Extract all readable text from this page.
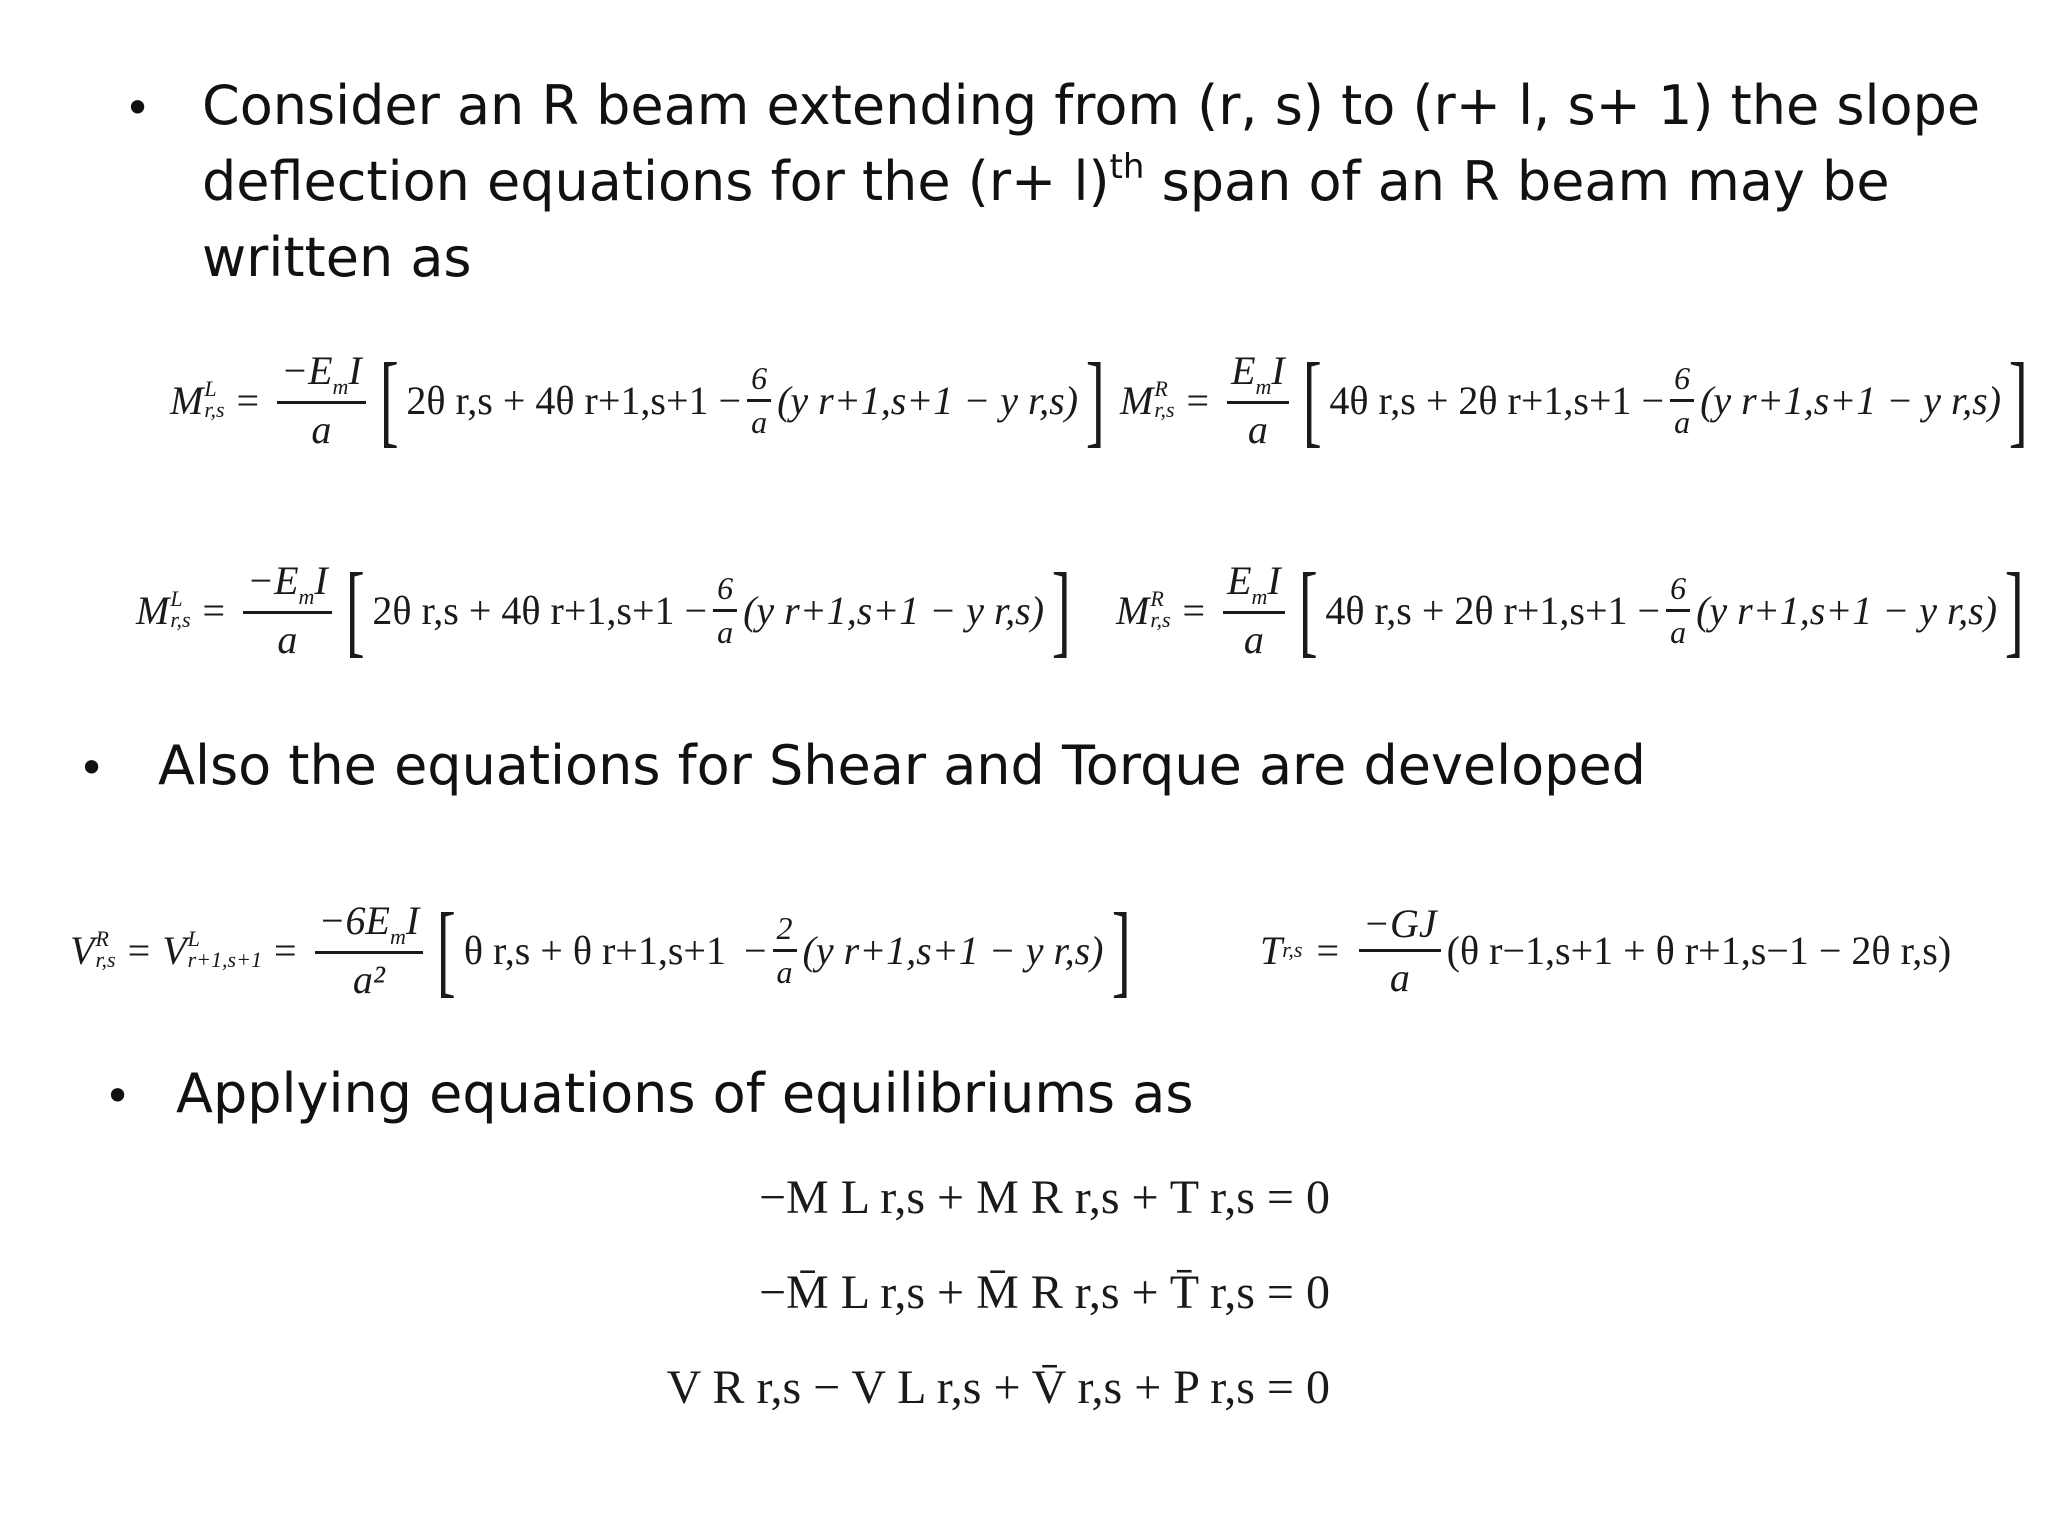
• Consider an R beam extending from (r, s) to (r+ l, s+ 1) the slope
deflection equations for the $(r+ l)^{th}$ span of an R beam may be
written as
M L
$r,s = \frac{-E_mI}{a}$ [ 2θ r,s + 4θ $r+1,s+1 - \frac{6}{a} (y$ r+1,s+1 − y r,s) ] M R
$r,s = \frac{E_mI}{a}$ [ 4θ r,s + 2θ $r+1,s+1 - \frac{6}{a} (y$ r+1,s+1 − y r,s) ]
M L
$r,s = \frac{-E_mI}{a}$ [ 2θ r,s + 4θ $r+1,s+1 - \frac{6}{a} (y$ r+1,s+1 − y r,s) ] M R
$r,s = \frac{E_mI}{a}$ [ 4θ r,s + 2θ $r+1,s+1 - \frac{6}{a} (y$ r+1,s+1 − y r,s) ]
• Also the equations for Shear and Torque are developed
V R
r,s = V L
$r+1,s+1 = \frac{-6E_mI}{\text{a²}}$ [ θ r,s + θ $r+1,s+1 - \frac{2}{a} (y$ r+1,s+1 − y r,s) ]	T $r,s = \frac{-GJ}{a} (\theta$ r−1,s+1 + θ r+1,s−1 − 2θ r,s)
• Applying equations of equilibriums as
−M L r,s + M R r,s + T r,s = 0
−M̄ L r,s + M̄ R r,s + T̄ r,s = 0
V R r,s − V L r,s + V̄ r,s + P r,s = 0
